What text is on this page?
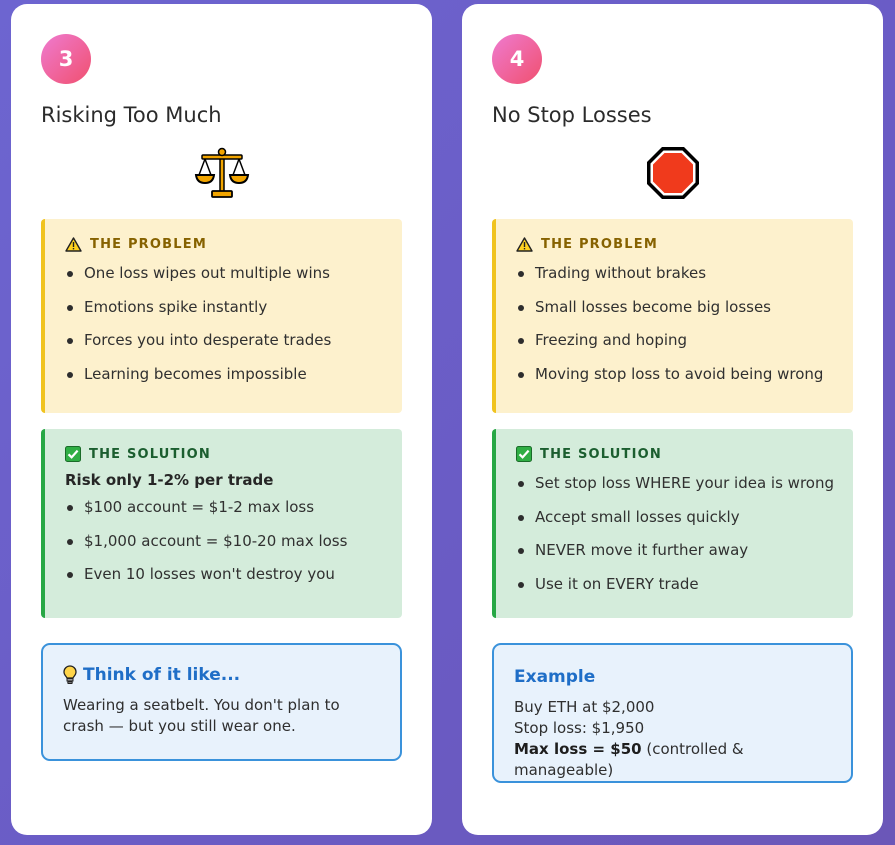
3
Risking Too Much
THE PROBLEM
One loss wipes out multiple wins
Emotions spike instantly
Forces you into desperate trades
Learning becomes impossible
THE SOLUTION
Risk only 1-2% per trade
$100 account = $1-2 max loss
$1,000 account = $10-20 max loss
Even 10 losses won't destroy you
Think of it like...
Wearing a seatbelt. You don't plan to crash — but you still wear one.
4
No Stop Losses
THE PROBLEM
Trading without brakes
Small losses become big losses
Freezing and hoping
Moving stop loss to avoid being wrong
THE SOLUTION
Set stop loss WHERE your idea is wrong
Accept small losses quickly
NEVER move it further away
Use it on EVERY trade
Example
Buy ETH at $2,000
Stop loss: $1,950
Max loss = $50 (controlled & manageable)
